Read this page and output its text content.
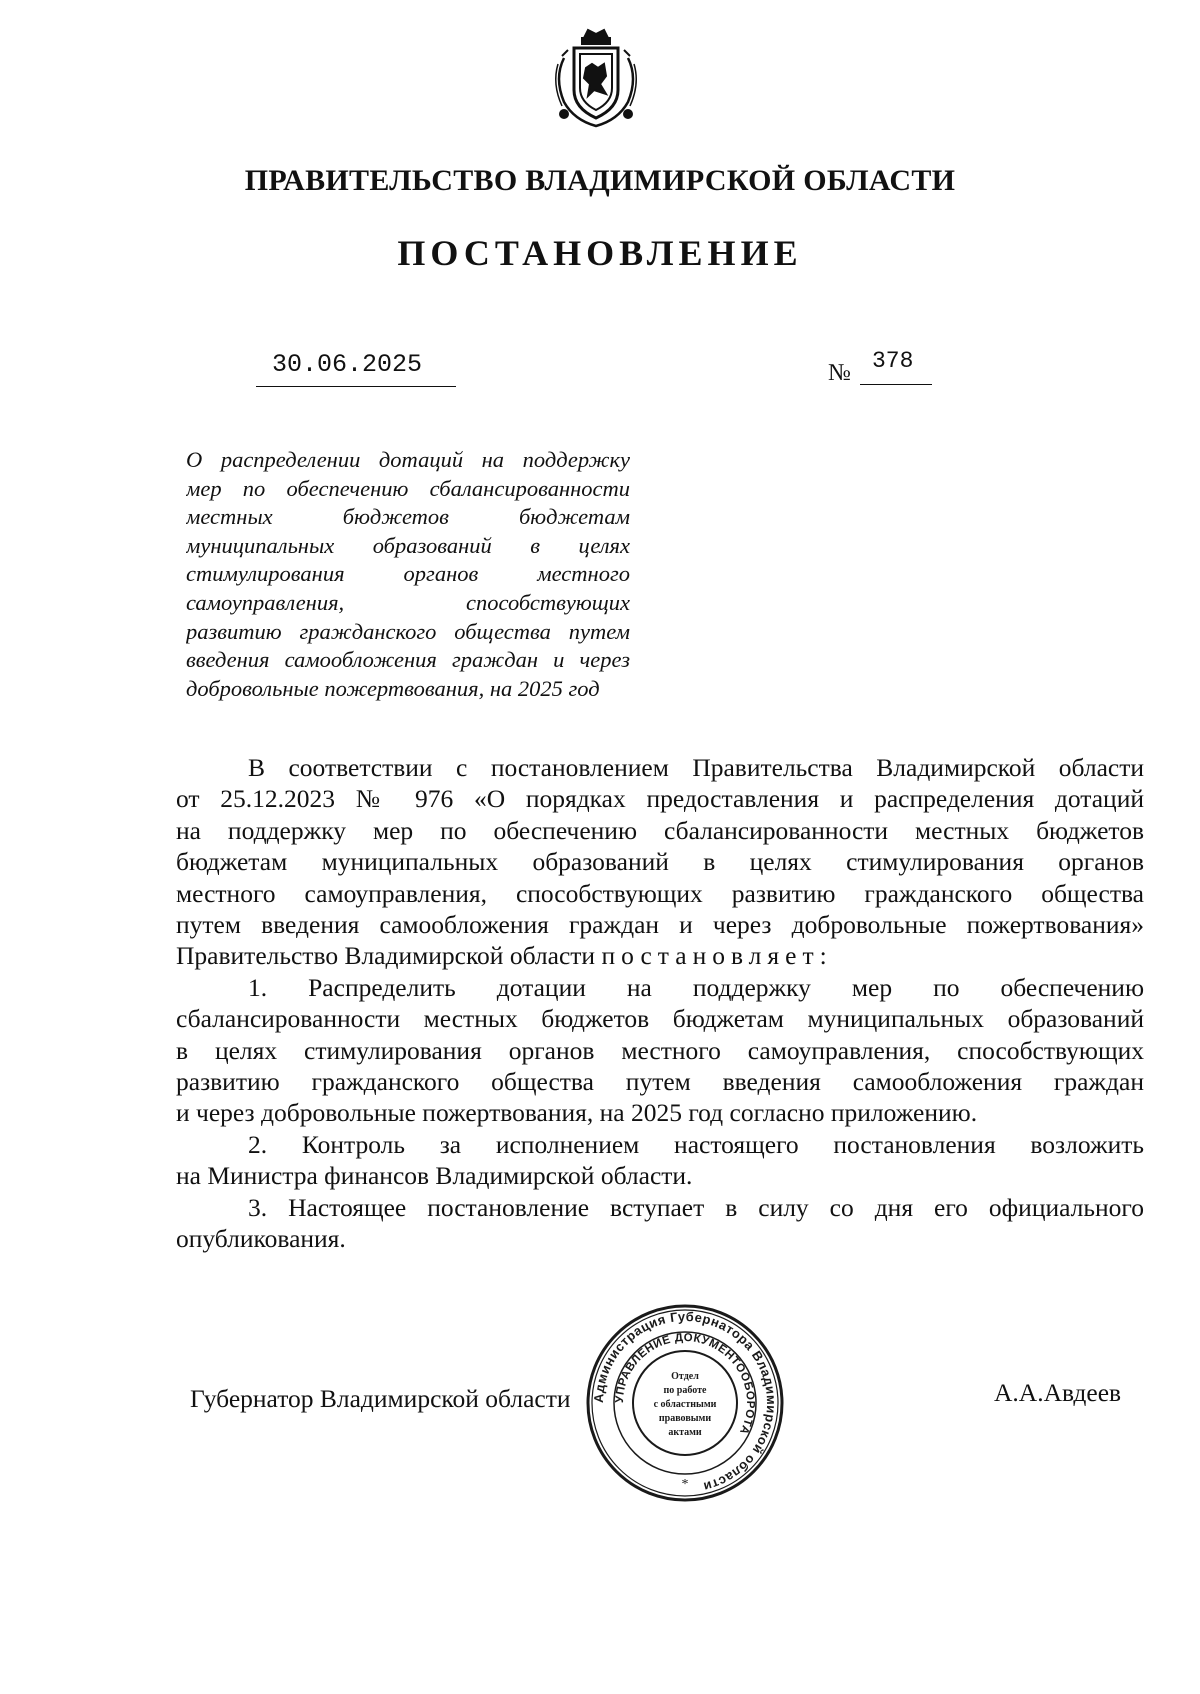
ПРАВИТЕЛЬСТВО ВЛАДИМИРСКОЙ ОБЛАСТИ
ПОСТАНОВЛЕНИЕ
30.06.2025	№ 378
О распределении дотаций на поддержку
мер по обеспечению сбалансированности
местных бюджетов бюджетам
муниципальных образований в целях
стимулирования органов местного
самоуправления, способствующих
развитию гражданского общества путем
введения самообложения граждан и через
добровольные пожертвования, на 2025 год
В соответствии с постановлением Правительства Владимирской области
от 25.12.2023 № 976 «О порядках предоставления и распределения дотаций
на поддержку мер по обеспечению сбалансированности местных бюджетов
бюджетам муниципальных образований в целях стимулирования органов
местного самоуправления, способствующих развитию гражданского общества
путем введения самообложения граждан и через добровольные пожертвования»
Правительство Владимирской области постановляет:
1. Распределить дотации на поддержку мер по обеспечению
сбалансированности местных бюджетов бюджетам муниципальных образований
в целях стимулирования органов местного самоуправления, способствующих
развитию гражданского общества путем введения самообложения граждан
и через добровольные пожертвования, на 2025 год согласно приложению.
2. Контроль за исполнением настоящего постановления возложить
на Министра финансов Владимирской области.
3. Настоящее постановление вступает в силу со дня его официального
опубликования.
Губернатор Владимирской области	А.А.Авдеев
Администрация Губернатора Владимирской области
УПРАВЛЕНИЕ ДОКУМЕНТООБОРОТА
Отдел
по работе
с областными
правовыми
актами
*
